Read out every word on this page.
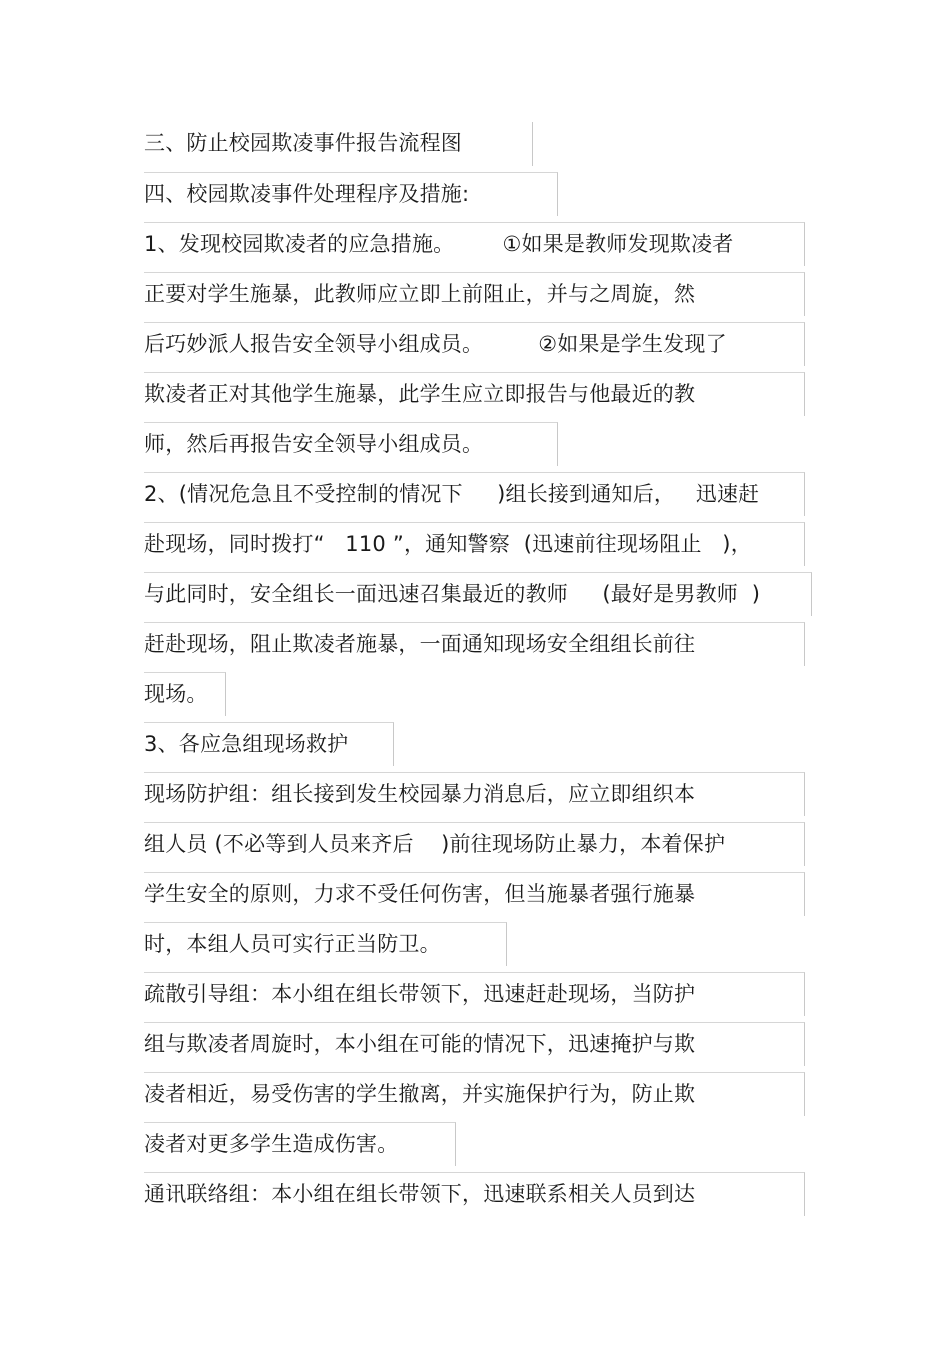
三、防止校园欺凌事件报告流程图
四、校园欺凌事件处理程序及措施:
1、发现校园欺凌者的应急措施。       ①如果是教师发现欺凌者
正要对学生施暴，此教师应立即上前阻止，并与之周旋，然
后巧妙派人报告安全领导小组成员。        ②如果是学生发现了
欺凌者正对其他学生施暴，此学生应立即报告与他最近的教
师，然后再报告安全领导小组成员。
2、(情况危急且不受控制的情况下     )组长接到通知后，   迅速赶
赴现场，同时拨打“   110 ”，通知警察  (迅速前往现场阻止   )，
与此同时，安全组长一面迅速召集最近的教师     (最好是男教师  )
赶赴现场，阻止欺凌者施暴，一面通知现场安全组组长前往
现场。
3、各应急组现场救护
现场防护组：组长接到发生校园暴力消息后，应立即组织本
组人员 (不必等到人员来齐后    )前往现场防止暴力，本着保护
学生安全的原则，力求不受任何伤害，但当施暴者强行施暴
时，本组人员可实行正当防卫。
疏散引导组：本小组在组长带领下，迅速赶赴现场，当防护
组与欺凌者周旋时，本小组在可能的情况下，迅速掩护与欺
凌者相近，易受伤害的学生撤离，并实施保护行为，防止欺
凌者对更多学生造成伤害。
通讯联络组：本小组在组长带领下，迅速联系相关人员到达
